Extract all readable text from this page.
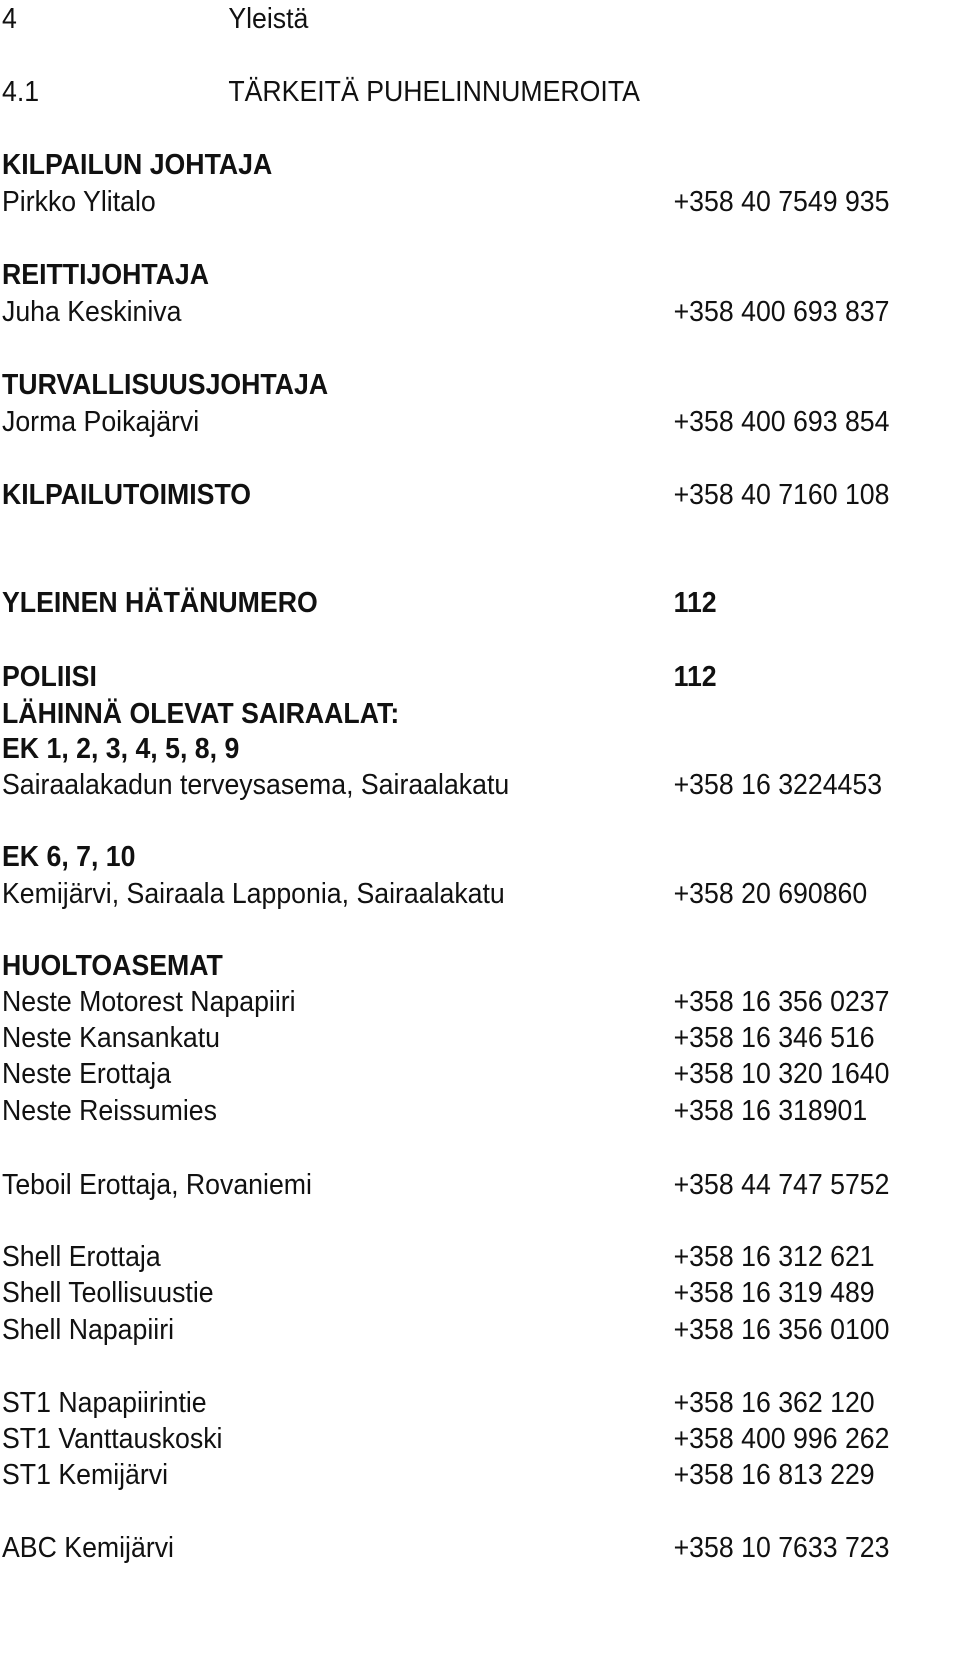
4	Yleistä
4.1	TÄRKEITÄ PUHELINNUMEROITA
KILPAILUN JOHTAJA
Pirkko Ylitalo	+358 40 7549 935
REITTIJOHTAJA
Juha Keskiniva	+358 400 693 837
TURVALLISUUSJOHTAJA
Jorma Poikajärvi	+358 400 693 854
KILPAILUTOIMISTO	+358 40 7160 108
YLEINEN HÄTÄNUMERO	112
POLIISI	112
LÄHINNÄ OLEVAT SAIRAALAT:
EK 1, 2, 3, 4, 5, 8, 9
Sairaalakadun terveysasema, Sairaalakatu	+358 16 3224453
EK 6, 7, 10
Kemijärvi, Sairaala Lapponia, Sairaalakatu	+358 20 690860
HUOLTOASEMAT
Neste Motorest Napapiiri	+358 16 356 0237
Neste Kansankatu	+358 16 346 516
Neste Erottaja	+358 10 320 1640
Neste Reissumies	+358 16 318901
Teboil Erottaja, Rovaniemi	+358 44 747 5752
Shell Erottaja	+358 16 312 621
Shell Teollisuustie	+358 16 319 489
Shell Napapiiri	+358 16 356 0100
ST1 Napapiirintie	+358 16 362 120
ST1 Vanttauskoski	+358 400 996 262
ST1 Kemijärvi	+358 16 813 229
ABC Kemijärvi	+358 10 7633 723
